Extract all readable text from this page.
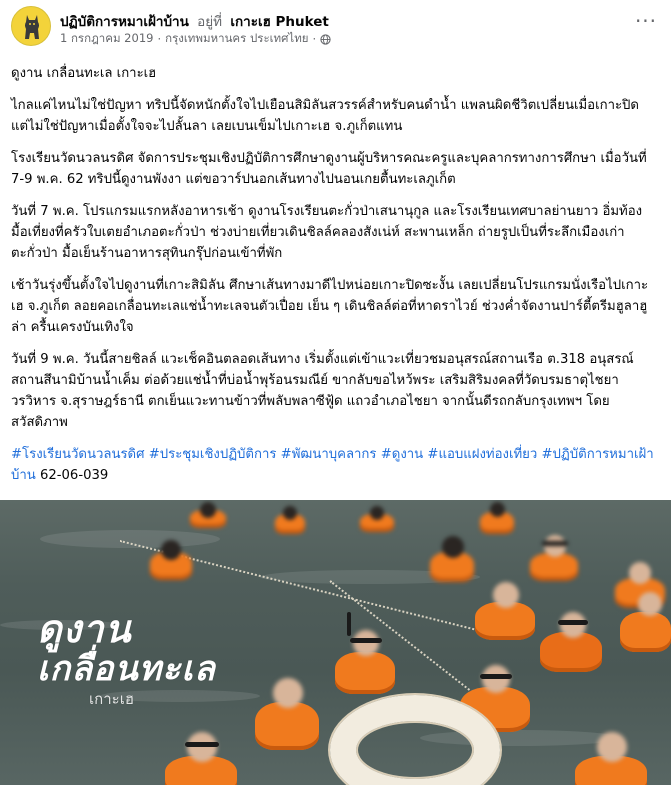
ปฏิบัติการหมาเฝ้าบ้าน อยู่ที่ เกาะเฮ Phuket
1 กรกฎาคม 2019 · กรุงเทพมหานคร ประเทศไทย ·
···

ดูงาน เกลื่อนทะเล เกาะเฮ

ไกลแค่ไหนไม่ใช่ปัญหา ทริปนี้จัดหนักตั้งใจไปเยือนสิมิลันสวรรค์สำหรับคนดำน้ำ แพลนผิดชีวิตเปลี่ยนเมื่อเกาะปิด แต่ไม่ใช่ปัญหาเมื่อตั้งใจจะไปลั้นลา เลยเบนเข็มไปเกาะเฮ จ.ภูเก็ตแทน

โรงเรียนวัดนวลนรดิศ จัดการประชุมเชิงปฏิบัติการศึกษาดูงานผู้บริหารคณะครูและบุคลากรทางการศึกษา เมื่อวันที่ 7-9 พ.ค. 62 ทริปนี้ดูงานพังงา แต่ขอวาร์ปนอกเส้นทางไปนอนเกยตื้นทะเลภูเก็ต

วันที่ 7 พ.ค. โปรแกรมแรกหลังอาหารเช้า ดูงานโรงเรียนตะกั่วป่าเสนานุกูล และโรงเรียนเทศบาลย่านยาว อิ่มท้องมื้อเที่ยงที่ครัวใบเตยอำเภอตะกั่วป่า ช่วงบ่ายเที่ยวเดินชิลล์คลองสังเน่ห์ สะพานเหล็ก ถ่ายรูปเป็นที่ระลึกเมืองเก่าตะกั่วป่า มื้อเย็นร้านอาหารสุทินกรุ๊ปก่อนเข้าที่พัก

เช้าวันรุ่งขึ้นตั้งใจไปดูงานที่เกาะสิมิลัน ศึกษาเส้นทางมาดีไปหน่อยเกาะปิดซะงั้น เลยเปลี่ยนโปรแกรมนั่งเรือไปเกาะเฮ จ.ภูเก็ต ลอยคอเกลื่อนทะเลแช่น้ำทะเลจนตัวเปื่อย เย็น ๆ เดินชิลล์ต่อที่หาดราไวย์ ช่วงค่ำจัดงานปาร์ตี้ตรีมฮูลาฮูล่า ครื้นเครงบันเทิงใจ

วันที่ 9 พ.ค. วันนี้สายชิลล์ แวะเช็คอินตลอดเส้นทาง เริ่มตั้งแต่เข้าแวะเที่ยวชมอนุสรณ์สถานเรือ ต.318 อนุสรณ์สถานสึนามิบ้านน้ำเค็ม ต่อด้วยแช่น้ำที่บ่อน้ำพุร้อนรมณีย์ ขากลับขอไหว้พระ เสริมสิริมงคลที่วัดบรมธาตุไชยาวรวิหาร จ.สุราษฎร์ธานี ตกเย็นแวะทานข้าวที่พลับพลาซีฟู้ด แถวอำเภอไชยา จากนั้นดีรถกลับกรุงเทพฯ โดยสวัสดิภาพ

#โรงเรียนวัดนวลนรดิศ #ประชุมเชิงปฏิบัติการ #พัฒนาบุคลากร #ดูงาน #แอบแฝงท่องเที่ยว #ปฏิบัติการหมาเฝ้าบ้าน 62-06-039

ดูงาน
เกลื่อนทะเล
เกาะเฮ
